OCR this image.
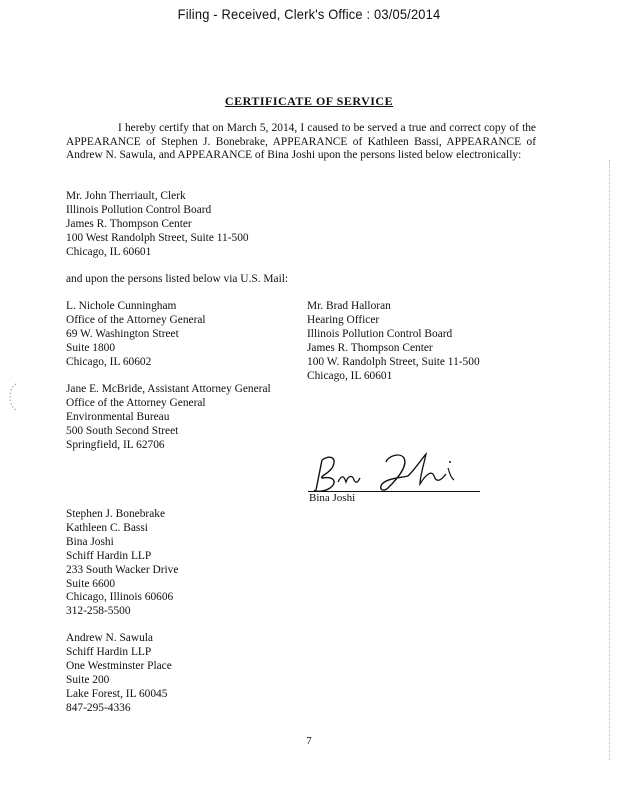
Filing - Received, Clerk's Office : 03/05/2014
CERTIFICATE OF SERVICE
I hereby certify that on March 5, 2014, I caused to be served a true and correct copy of the APPEARANCE of Stephen J. Bonebrake, APPEARANCE of Kathleen Bassi, APPEARANCE of Andrew N. Sawula, and APPEARANCE of Bina Joshi upon the persons listed below electronically:
Mr. John Therriault, Clerk
Illinois Pollution Control Board
James R. Thompson Center
100 West Randolph Street, Suite 11-500
Chicago, IL 60601
and upon the persons listed below via U.S. Mail:
L. Nichole Cunningham
Office of the Attorney General
69 W. Washington Street
Suite 1800
Chicago, IL 60602
Mr. Brad Halloran
Hearing Officer
Illinois Pollution Control Board
James R. Thompson Center
100 W. Randolph Street, Suite 11-500
Chicago, IL 60601
Jane E. McBride, Assistant Attorney General
Office of the Attorney General
Environmental Bureau
500 South Second Street
Springfield, IL 62706
Bina Joshi
Stephen J. Bonebrake
Kathleen C. Bassi
Bina Joshi
Schiff Hardin LLP
233 South Wacker Drive
Suite 6600
Chicago, Illinois 60606
312-258-5500
Andrew N. Sawula
Schiff Hardin LLP
One Westminster Place
Suite 200
Lake Forest, IL 60045
847-295-4336
7
